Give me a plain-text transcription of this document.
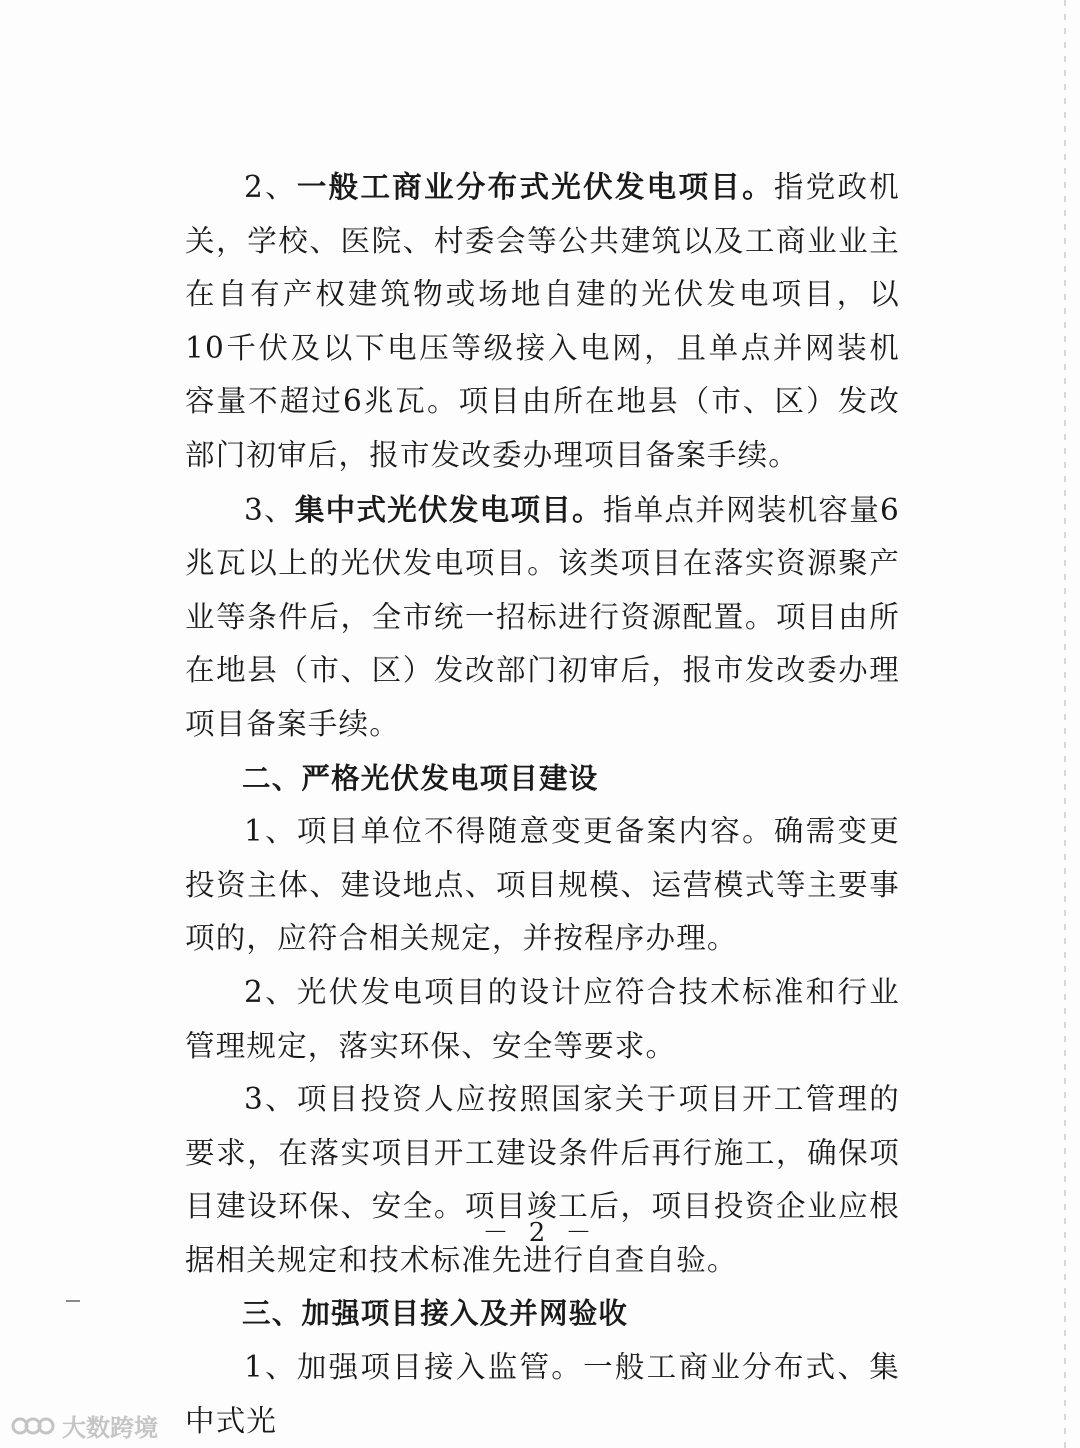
2、一般工商业分布式光伏发电项目。指党政机关，学校、医院、村委会等公共建筑以及工商业业主在自有产权建筑物或场地自建的光伏发电项目，以10千伏及以下电压等级接入电网，且单点并网装机容量不超过6兆瓦。项目由所在地县（市、区）发改部门初审后，报市发改委办理项目备案手续。

3、集中式光伏发电项目。指单点并网装机容量6兆瓦以上的光伏发电项目。该类项目在落实资源聚产业等条件后，全市统一招标进行资源配置。项目由所在地县（市、区）发改部门初审后，报市发改委办理项目备案手续。

二、严格光伏发电项目建设

1、项目单位不得随意变更备案内容。确需变更投资主体、建设地点、项目规模、运营模式等主要事项的，应符合相关规定，并按程序办理。

2、光伏发电项目的设计应符合技术标准和行业管理规定，落实环保、安全等要求。

3、项目投资人应按照国家关于项目开工管理的要求，在落实项目开工建设条件后再行施工，确保项目建设环保、安全。项目竣工后，项目投资企业应根据相关规定和技术标准先进行自查自验。

三、加强项目接入及并网验收

1、加强项目接入监管。一般工商业分布式、集中式光

－ 2 －
大数跨境
